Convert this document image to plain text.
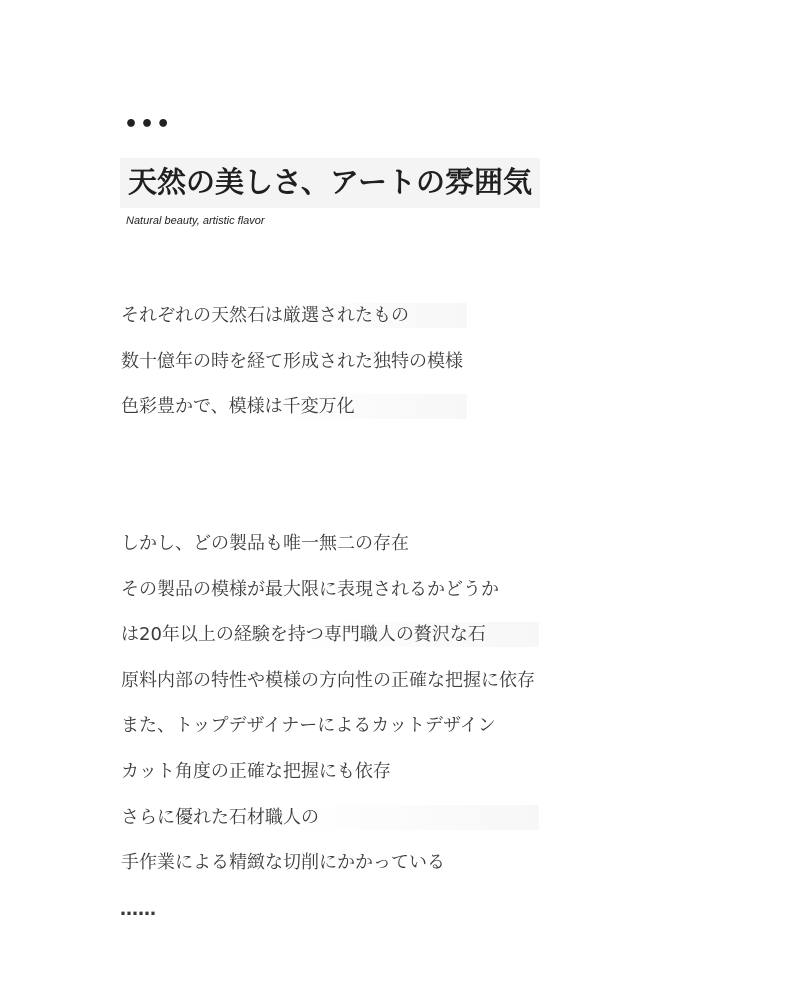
•••
天然の美しさ、アートの雰囲気
Natural beauty, artistic flavor
それぞれの天然石は厳選されたもの
数十億年の時を経て形成された独特の模様
色彩豊かで、模様は千変万化
しかし、どの製品も唯一無二の存在
その製品の模様が最大限に表現されるかどうか
は20年以上の経験を持つ専門職人の贅沢な石
原料内部の特性や模様の方向性の正確な把握に依存
また、トップデザイナーによるカットデザイン
カット角度の正確な把握にも依存
さらに優れた石材職人の
手作業による精緻な切削にかかっている
……
